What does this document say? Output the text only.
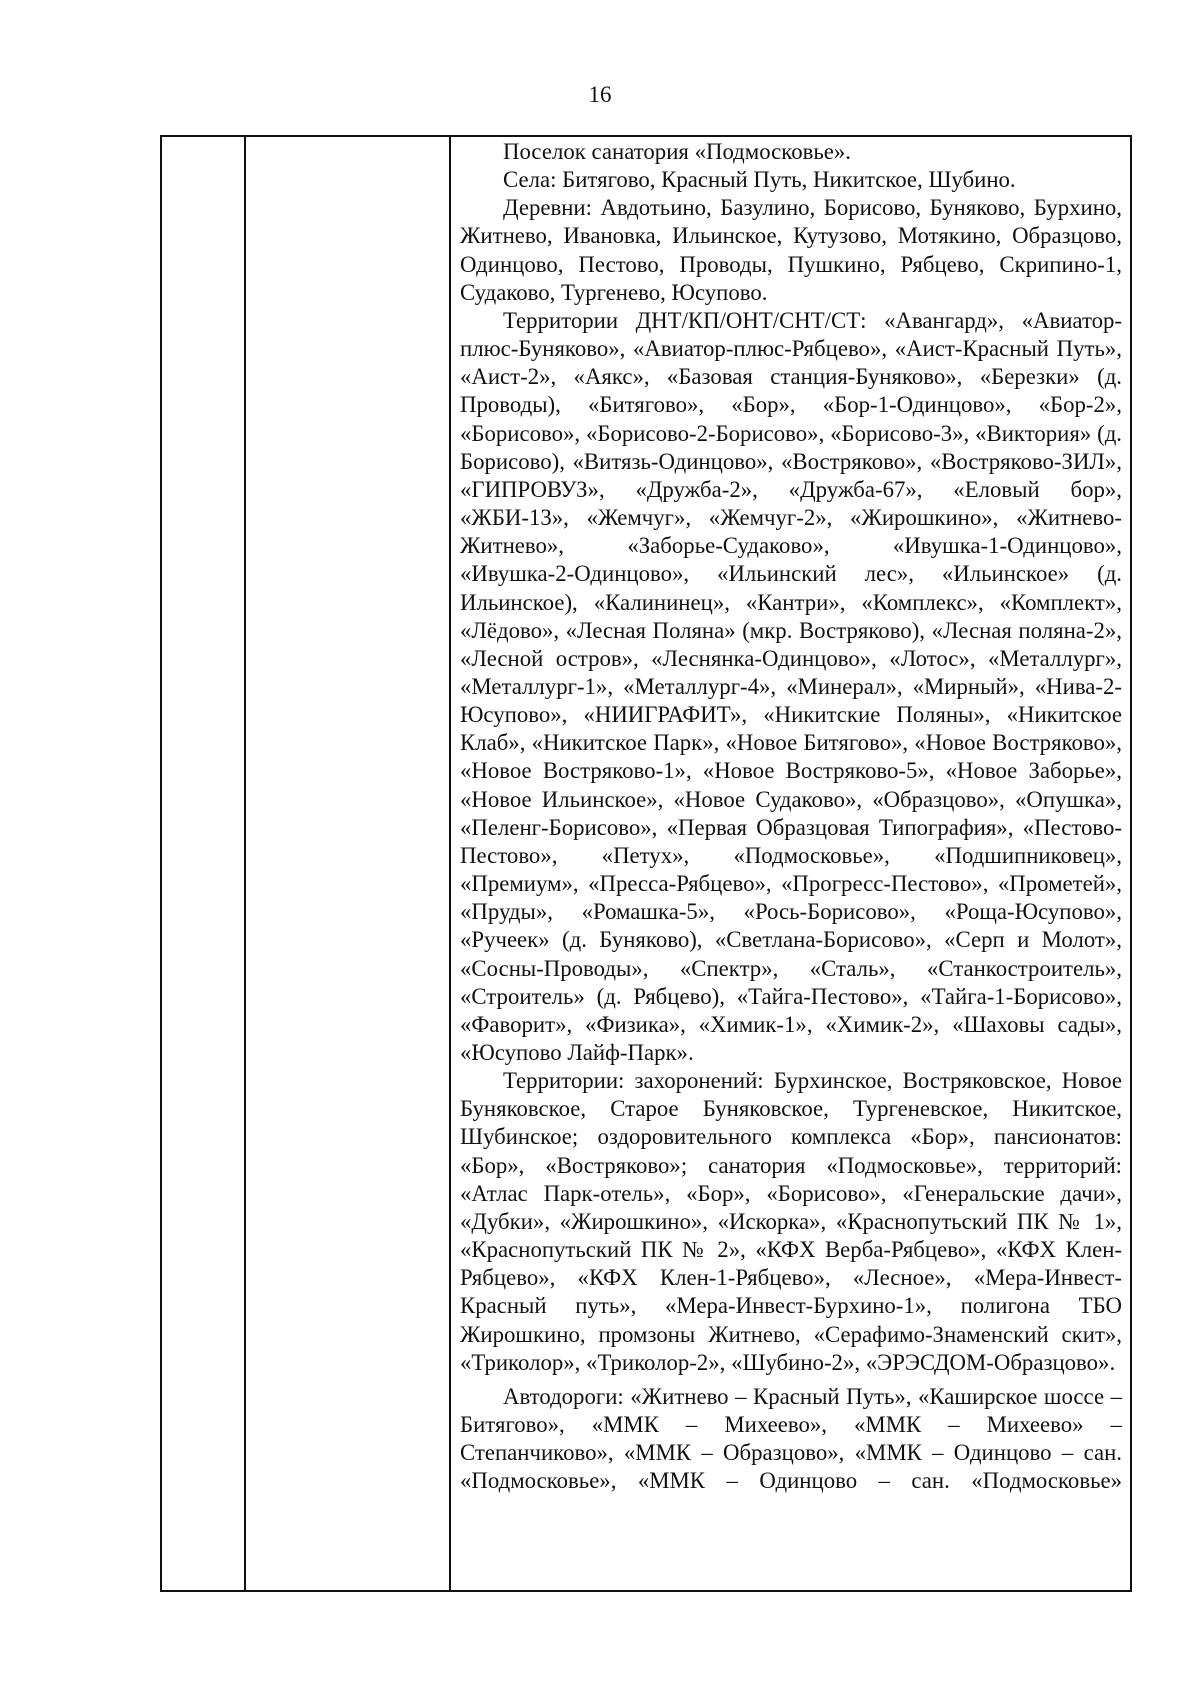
16

Поселок санатория «Подмосковье».

Села: Битягово, Красный Путь, Никитское, Шубино.

Деревни: Авдотьино, Базулино, Борисово, Буняково, Бурхино, Житнево, Ивановка, Ильинское, Кутузово, Мотякино, Образцово, Одинцово, Пестово, Проводы, Пушкино, Рябцево, Скрипино-1, Судаково, Тургенево, Юсупово.

Территории ДНТ/КП/ОНТ/СНТ/СТ: «Авангард», «Авиатор-плюс-Буняково», «Авиатор-плюс-Рябцево», «Аист-Красный Путь», «Аист-2», «Аякс», «Базовая станция-Буняково», «Березки» (д. Проводы), «Битягово», «Бор», «Бор-1-Одинцово», «Бор-2», «Борисово», «Борисово-2-Борисово», «Борисово-3», «Виктория» (д. Борисово), «Витязь-Одинцово», «Востряково», «Востряково-ЗИЛ», «ГИПРОВУЗ», «Дружба-2», «Дружба-67», «Еловый бор», «ЖБИ-13», «Жемчуг», «Жемчуг-2», «Жирошкино», «Житнево-Житнево», «Заборье-Судаково», «Ивушка-1-Одинцово», «Ивушка-2-Одинцово», «Ильинский лес», «Ильинское» (д. Ильинское), «Калининец», «Кантри», «Комплекс», «Комплект», «Лёдово», «Лесная Поляна» (мкр. Востряково), «Лесная поляна-2», «Лесной остров», «Леснянка-Одинцово», «Лотос», «Металлург», «Металлург-1», «Металлург-4», «Минерал», «Мирный», «Нива-2-Юсупово», «НИИГРАФИТ», «Никитские Поляны», «Никитское Клаб», «Никитское Парк», «Новое Битягово», «Новое Востряково», «Новое Востряково-1», «Новое Востряково-5», «Новое Заборье», «Новое Ильинское», «Новое Судаково», «Образцово», «Опушка», «Пеленг-Борисово», «Первая Образцовая Типография», «Пестово-Пестово», «Петух», «Подмосковье», «Подшипниковец», «Премиум», «Пресса-Рябцево», «Прогресс-Пестово», «Прометей», «Пруды», «Ромашка-5», «Рось-Борисово», «Роща-Юсупово», «Ручеек» (д. Буняково), «Светлана-Борисово», «Серп и Молот», «Сосны-Проводы», «Спектр», «Сталь», «Станкостроитель», «Строитель» (д. Рябцево), «Тайга-Пестово», «Тайга-1-Борисово», «Фаворит», «Физика», «Химик-1», «Химик-2», «Шаховы сады», «Юсупово Лайф-Парк».

Территории: захоронений: Бурхинское, Востряковское, Новое Буняковское, Старое Буняковское, Тургеневское, Никитское, Шубинское; оздоровительного комплекса «Бор», пансионатов: «Бор», «Востряково»; санатория «Подмосковье», территорий: «Атлас Парк-отель», «Бор», «Борисово», «Генеральские дачи», «Дубки», «Жирошкино», «Искорка», «Краснопутьский ПК № 1», «Краснопутьский ПК № 2», «КФХ Верба-Рябцево», «КФХ Клен-Рябцево», «КФХ Клен-1-Рябцево», «Лесное», «Мера-Инвест-Красный путь», «Мера-Инвест-Бурхино-1», полигона ТБО Жирошкино, промзоны Житнево, «Серафимо-Знаменский скит», «Триколор», «Триколор-2», «Шубино-2», «ЭРЭСДОМ-Образцово».

Автодороги: «Житнево – Красный Путь», «Каширское шоссе – Битягово», «ММК – Михеево», «ММК – Михеево» – Степанчиково», «ММК – Образцово», «ММК – Одинцово – сан. «Подмосковье», «ММК – Одинцово – сан. «Подмосковье»
